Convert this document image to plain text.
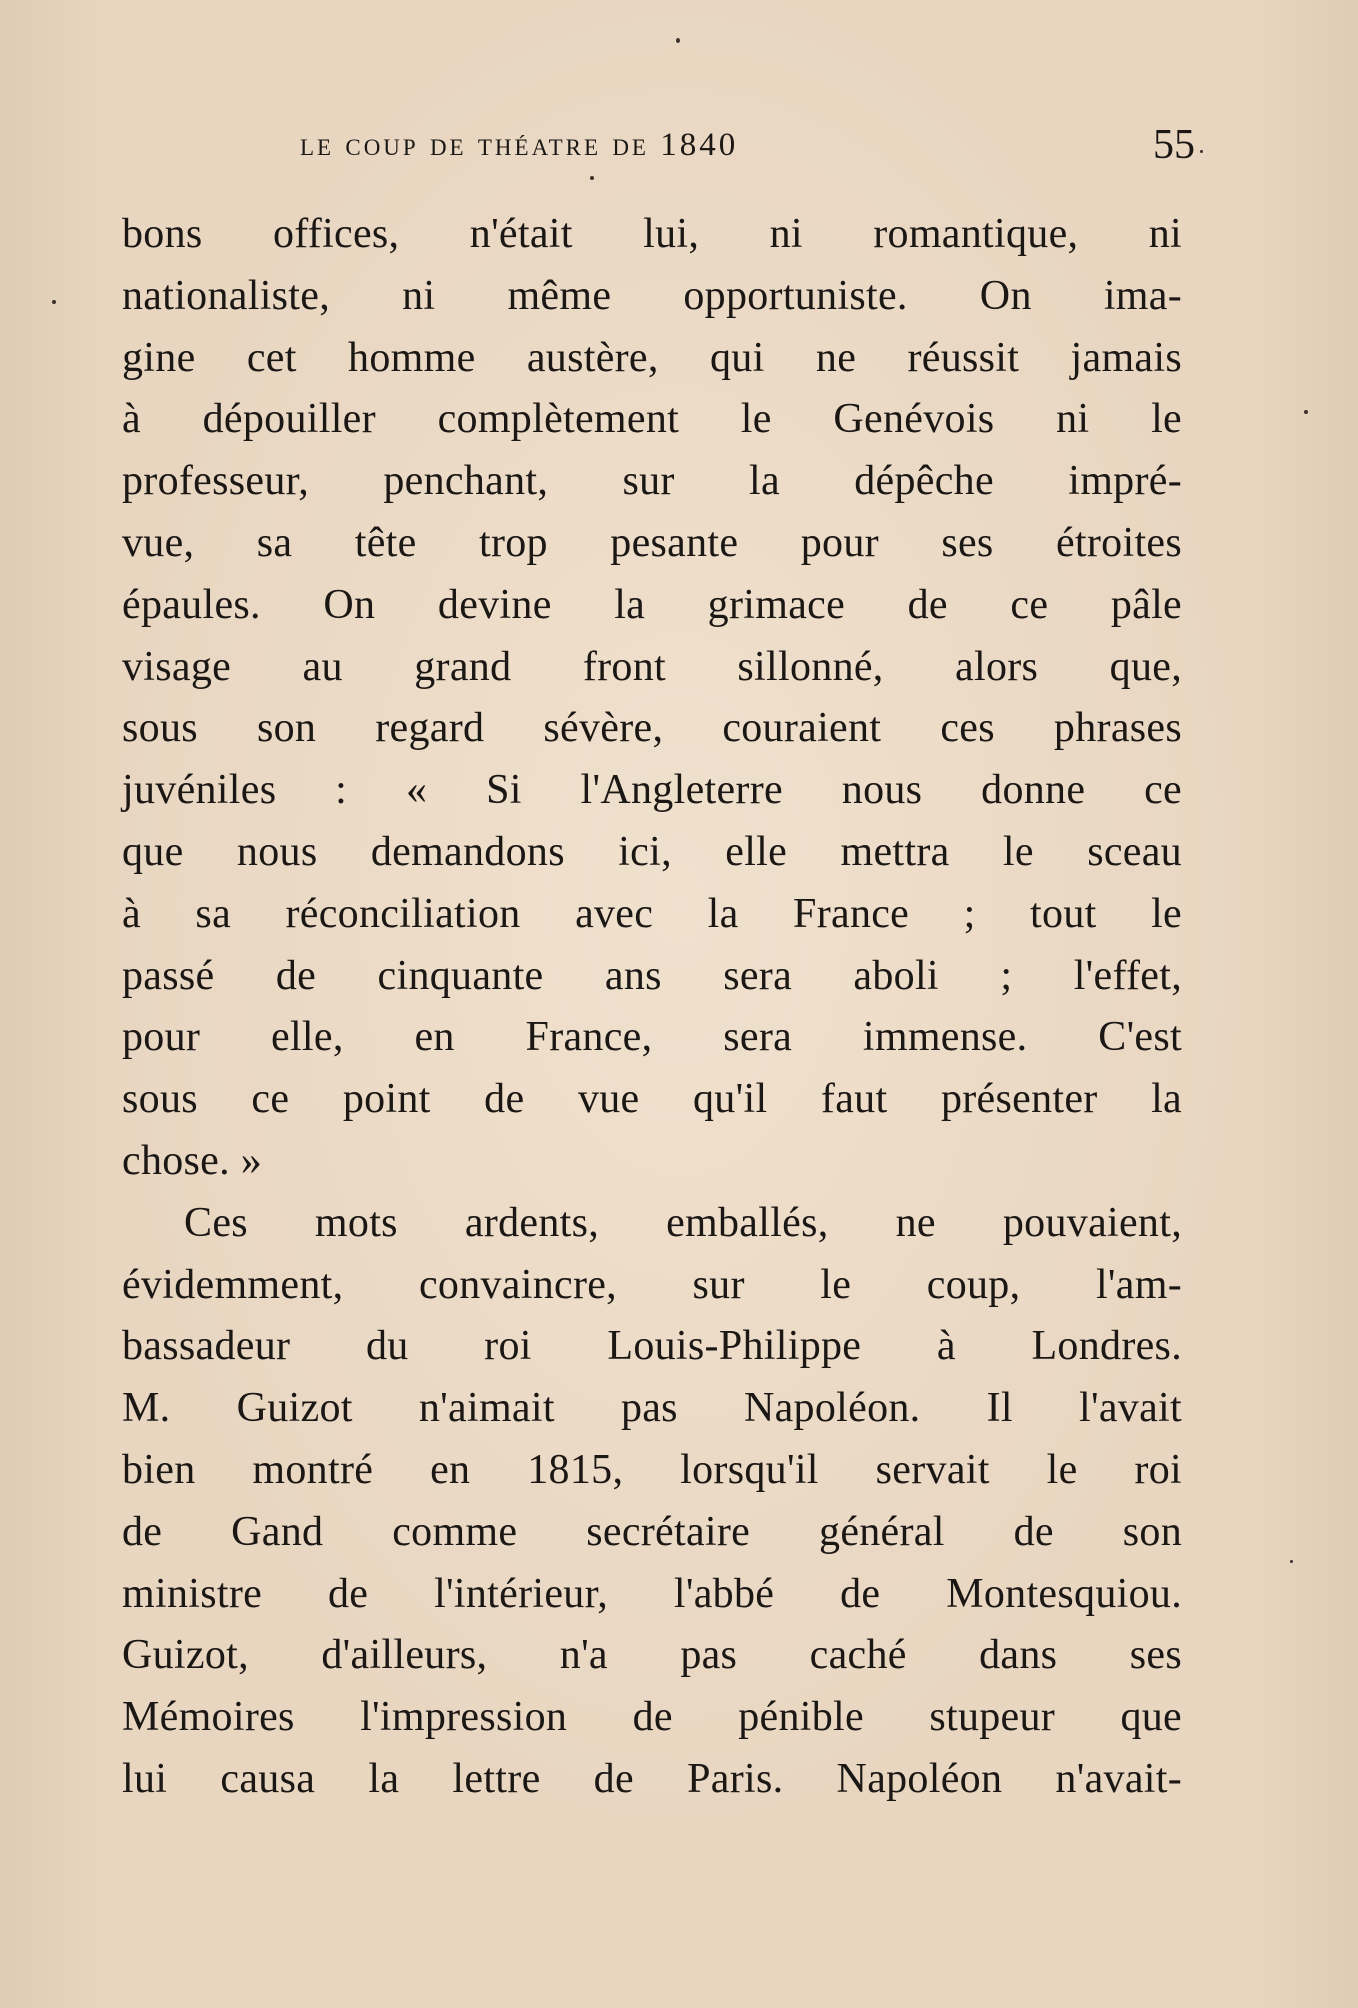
le coup de théatre de 1840	55
bons offices, n'était lui, ni romantique, ni
nationaliste, ni même opportuniste. On ima-
gine cet homme austère, qui ne réussit jamais
à dépouiller complètement le Genévois ni le
professeur, penchant, sur la dépêche impré-
vue, sa tête trop pesante pour ses étroites
épaules. On devine la grimace de ce pâle
visage au grand front sillonné, alors que,
sous son regard sévère, couraient ces phrases
juvéniles : « Si l'Angleterre nous donne ce
que nous demandons ici, elle mettra le sceau
à sa réconciliation avec la France ; tout le
passé de cinquante ans sera aboli ; l'effet,
pour elle, en France, sera immense. C'est
sous ce point de vue qu'il faut présenter la
chose. »
Ces mots ardents, emballés, ne pouvaient,
évidemment, convaincre, sur le coup, l'am-
bassadeur du roi Louis-Philippe à Londres.
M. Guizot n'aimait pas Napoléon. Il l'avait
bien montré en 1815, lorsqu'il servait le roi
de Gand comme secrétaire général de son
ministre de l'intérieur, l'abbé de Montesquiou.
Guizot, d'ailleurs, n'a pas caché dans ses
Mémoires l'impression de pénible stupeur que
lui causa la lettre de Paris. Napoléon n'avait-
